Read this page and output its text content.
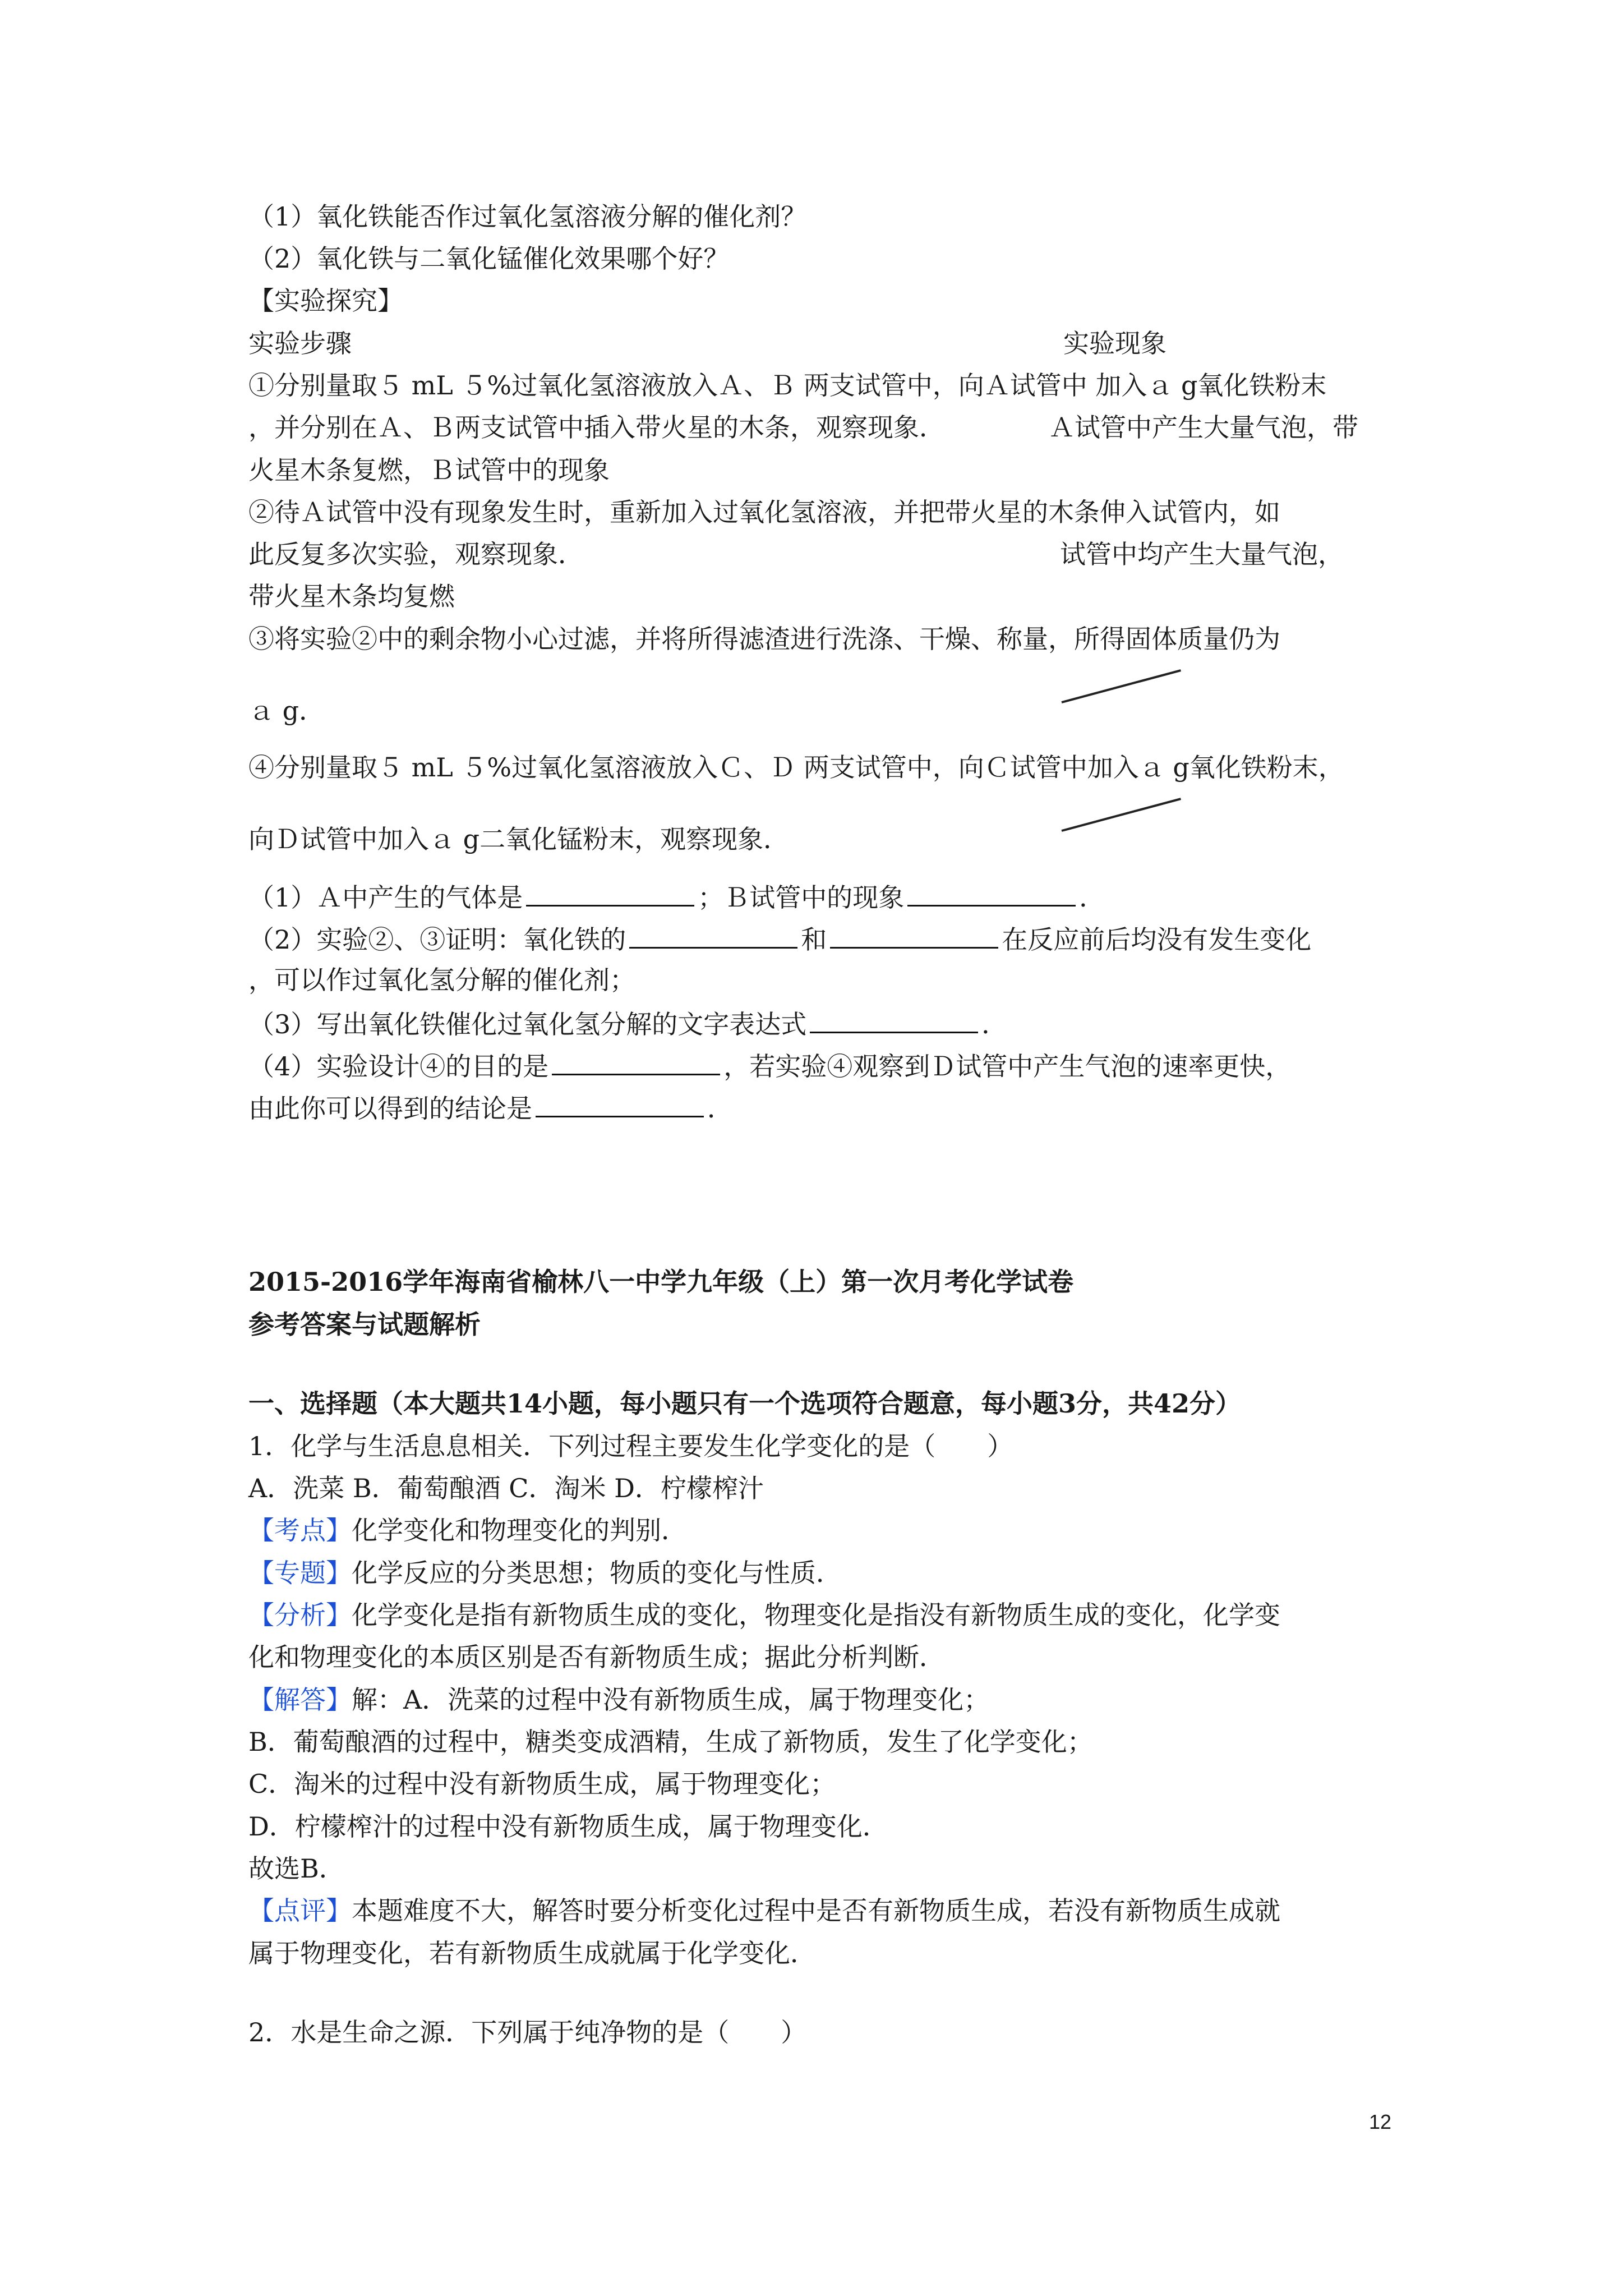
（1）氧化铁能否作过氧化氢溶液分解的催化剂？
（2）氧化铁与二氧化锰催化效果哪个好？
【实验探究】
实验步骤	实验现象
①分别量取５ mL ５%过氧化氢溶液放入Ａ、Ｂ 两支试管中，向Ａ试管中 加入ａ g氧化铁粉末
，并分别在Ａ、Ｂ两支试管中插入带火星的木条，观察现象．	Ａ试管中产生大量气泡，带
火星木条复燃，Ｂ试管中的现象
②待Ａ试管中没有现象发生时，重新加入过氧化氢溶液，并把带火星的木条伸入试管内，如
此反复多次实验，观察现象．	试管中均产生大量气泡，
带火星木条均复燃
③将实验②中的剩余物小心过滤，并将所得滤渣进行洗涤、干燥、称量，所得固体质量仍为
ａ g．
④分别量取５ mL ５%过氧化氢溶液放入Ｃ、Ｄ 两支试管中，向Ｃ试管中加入ａ g氧化铁粉末，
向Ｄ试管中加入ａ g二氧化锰粉末，观察现象．
（1）Ａ中产生的气体是	；Ｂ试管中的现象	．
（2）实验②、③证明：氧化铁的	和	在反应前后均没有发生变化
，可以作过氧化氢分解的催化剂；
（3）写出氧化铁催化过氧化氢分解的文字表达式	．
（4）实验设计④的目的是	，若实验④观察到Ｄ试管中产生气泡的速率更快，
由此你可以得到的结论是	．
2015-2016学年海南省榆林八一中学九年级（上）第一次月考化学试卷
参考答案与试题解析
一、选择题（本大题共14小题，每小题只有一个选项符合题意，每小题3分，共42分）
1．化学与生活息息相关．下列过程主要发生化学变化的是（　　）
A．洗菜 B．葡萄酿酒 C．淘米 D．柠檬榨汁
【考点】化学变化和物理变化的判别．
【专题】化学反应的分类思想；物质的变化与性质．
【分析】化学变化是指有新物质生成的变化，物理变化是指没有新物质生成的变化，化学变
化和物理变化的本质区别是否有新物质生成；据此分析判断．
【解答】解：A．洗菜的过程中没有新物质生成，属于物理变化；
B．葡萄酿酒的过程中，糖类变成酒精，生成了新物质，发生了化学变化；
C．淘米的过程中没有新物质生成，属于物理变化；
D．柠檬榨汁的过程中没有新物质生成，属于物理变化．
故选B．
【点评】本题难度不大，解答时要分析变化过程中是否有新物质生成，若没有新物质生成就
属于物理变化，若有新物质生成就属于化学变化．
2．水是生命之源．下列属于纯净物的是（　　）
12
